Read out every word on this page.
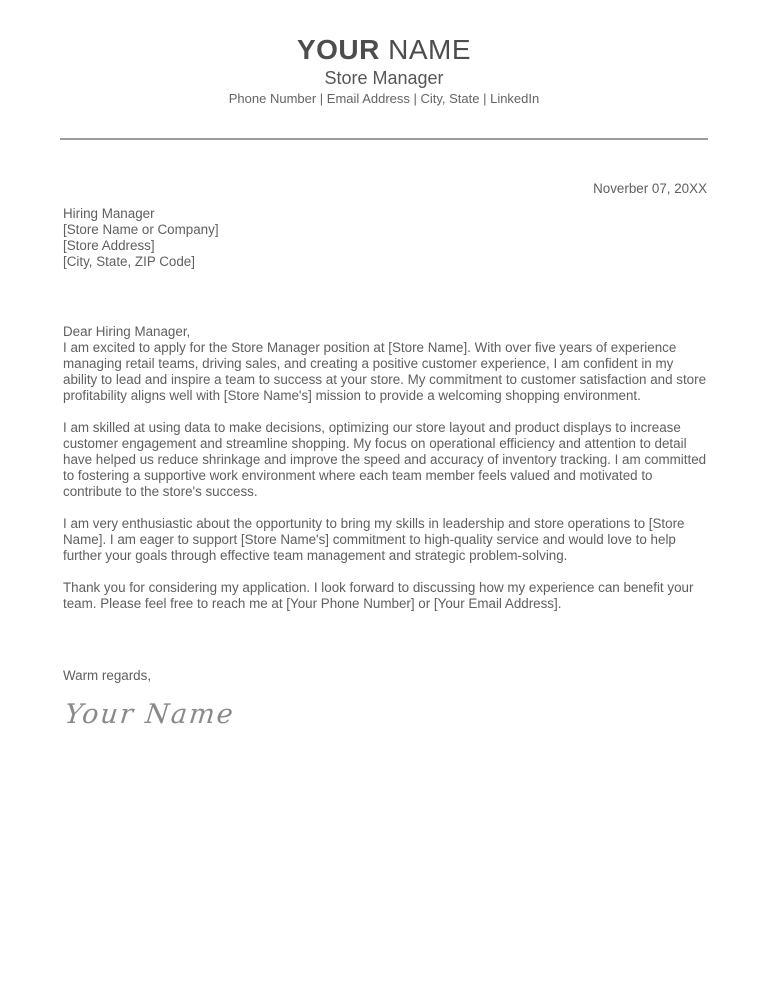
YOUR NAME
Store Manager
Phone Number | Email Address | City, State | LinkedIn
Noverber 07, 20XX

Hiring Manager

[Store Name or Company]

[Store Address]

[City, State, ZIP Code]

Dear Hiring Manager,

I am excited to apply for the Store Manager position at [Store Name]. With over five years of experience managing retail teams, driving sales, and creating a positive customer experience, I am confident in my ability to lead and inspire a team to success at your store. My commitment to customer satisfaction and store profitability aligns well with [Store Name's] mission to provide a welcoming shopping environment.

I am skilled at using data to make decisions, optimizing our store layout and product displays to increase customer engagement and streamline shopping. My focus on operational efficiency and attention to detail have helped us reduce shrinkage and improve the speed and accuracy of inventory tracking. I am committed to fostering a supportive work environment where each team member feels valued and motivated to contribute to the store's success.

I am very enthusiastic about the opportunity to bring my skills in leadership and store operations to [Store Name]. I am eager to support [Store Name's] commitment to high-quality service and would love to help further your goals through effective team management and strategic problem-solving.

Thank you for considering my application. I look forward to discussing how my experience can benefit your team. Please feel free to reach me at [Your Phone Number] or [Your Email Address].

Warm regards,

Your Name
